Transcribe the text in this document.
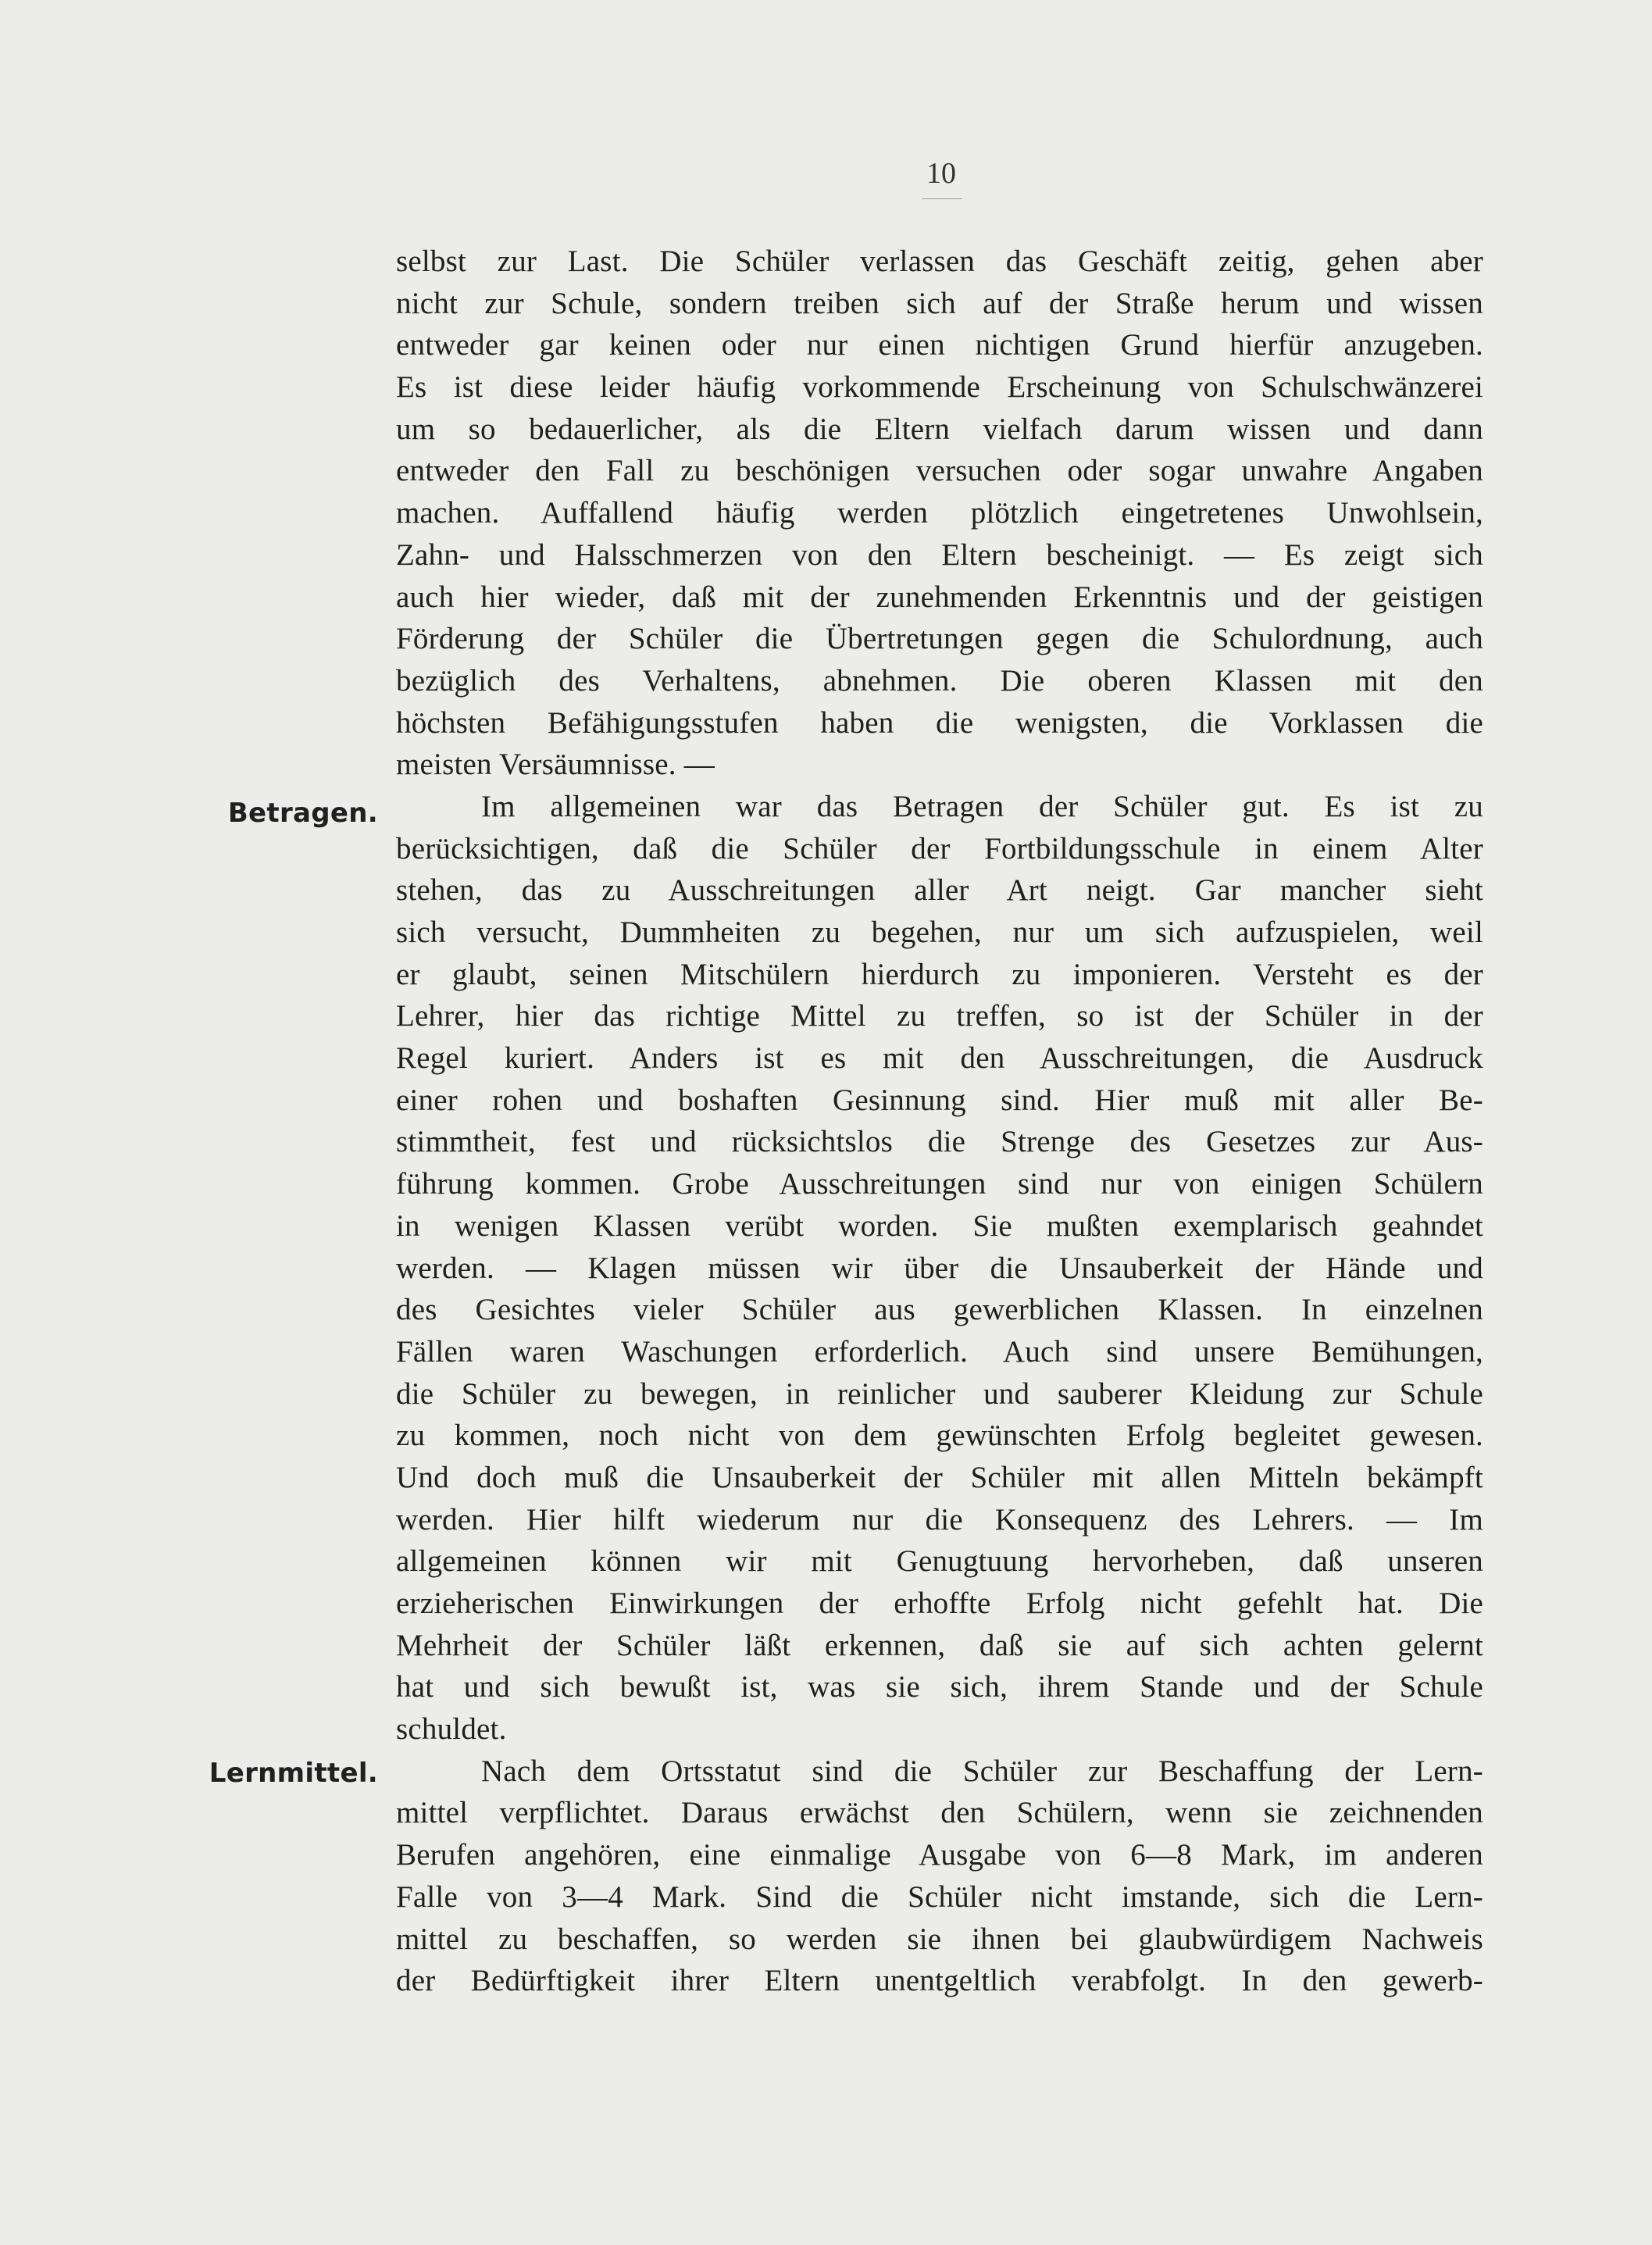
10
Betragen.
Lernmittel.
selbst zur Last. Die Schüler verlassen das Geschäft zeitig, gehen aber
nicht zur Schule, sondern treiben sich auf der Straße herum und wissen
entweder gar keinen oder nur einen nichtigen Grund hierfür anzugeben.
Es ist diese leider häufig vorkommende Erscheinung von Schulschwänzerei
um so bedauerlicher, als die Eltern vielfach darum wissen und dann
entweder den Fall zu beschönigen versuchen oder sogar unwahre Angaben
machen. Auffallend häufig werden plötzlich eingetretenes Unwohlsein,
Zahn- und Halsschmerzen von den Eltern bescheinigt. — Es zeigt sich
auch hier wieder, daß mit der zunehmenden Erkenntnis und der geistigen
Förderung der Schüler die Übertretungen gegen die Schulordnung, auch
bezüglich des Verhaltens, abnehmen. Die oberen Klassen mit den
höchsten Befähigungsstufen haben die wenigsten, die Vorklassen die
meisten Versäumnisse. —
Im allgemeinen war das Betragen der Schüler gut. Es ist zu
berücksichtigen, daß die Schüler der Fortbildungsschule in einem Alter
stehen, das zu Ausschreitungen aller Art neigt. Gar mancher sieht
sich versucht, Dummheiten zu begehen, nur um sich aufzuspielen, weil
er glaubt, seinen Mitschülern hierdurch zu imponieren. Versteht es der
Lehrer, hier das richtige Mittel zu treffen, so ist der Schüler in der
Regel kuriert. Anders ist es mit den Ausschreitungen, die Ausdruck
einer rohen und boshaften Gesinnung sind. Hier muß mit aller Be-
stimmtheit, fest und rücksichtslos die Strenge des Gesetzes zur Aus-
führung kommen. Grobe Ausschreitungen sind nur von einigen Schülern
in wenigen Klassen verübt worden. Sie mußten exemplarisch geahndet
werden. — Klagen müssen wir über die Unsauberkeit der Hände und
des Gesichtes vieler Schüler aus gewerblichen Klassen. In einzelnen
Fällen waren Waschungen erforderlich. Auch sind unsere Bemühungen,
die Schüler zu bewegen, in reinlicher und sauberer Kleidung zur Schule
zu kommen, noch nicht von dem gewünschten Erfolg begleitet gewesen.
Und doch muß die Unsauberkeit der Schüler mit allen Mitteln bekämpft
werden. Hier hilft wiederum nur die Konsequenz des Lehrers. — Im
allgemeinen können wir mit Genugtuung hervorheben, daß unseren
erzieherischen Einwirkungen der erhoffte Erfolg nicht gefehlt hat. Die
Mehrheit der Schüler läßt erkennen, daß sie auf sich achten gelernt
hat und sich bewußt ist, was sie sich, ihrem Stande und der Schule
schuldet.
Nach dem Ortsstatut sind die Schüler zur Beschaffung der Lern-
mittel verpflichtet. Daraus erwächst den Schülern, wenn sie zeichnenden
Berufen angehören, eine einmalige Ausgabe von 6—8 Mark, im anderen
Falle von 3—4 Mark. Sind die Schüler nicht imstande, sich die Lern-
mittel zu beschaffen, so werden sie ihnen bei glaubwürdigem Nachweis
der Bedürftigkeit ihrer Eltern unentgeltlich verabfolgt. In den gewerb-
